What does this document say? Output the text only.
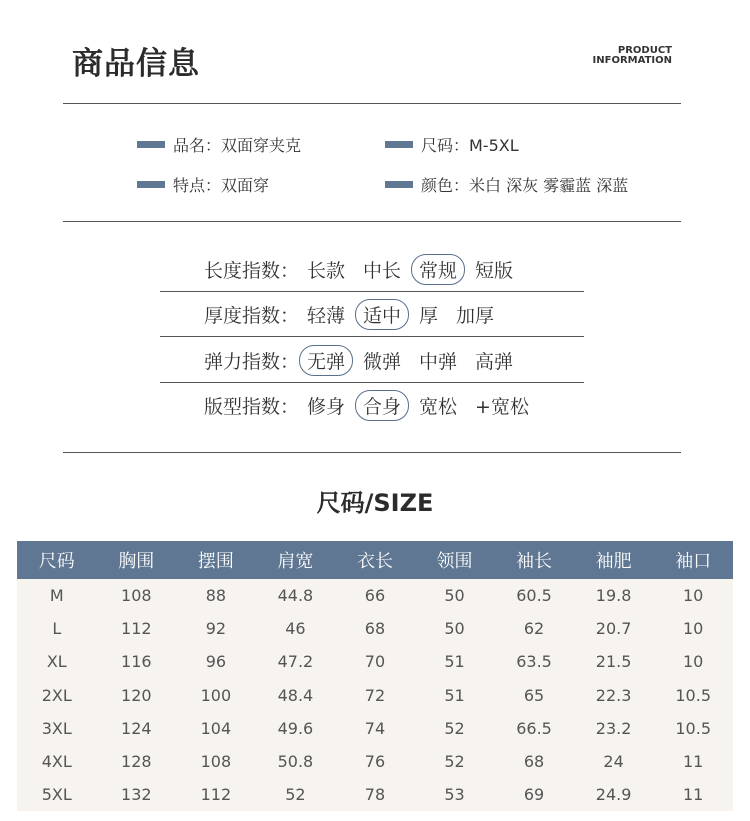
商品信息	PRODUCT
INFORMATION
品名：双面穿夹克	尺码：M-5XL
特点：双面穿	颜色：米白 深灰 雾霾蓝 深蓝
长度指数： 长款 中长 常规 短版
厚度指数： 轻薄 适中 厚 加厚
弹力指数： 无弹 微弹 中弹 高弹
版型指数： 修身 合身 宽松 +宽松
尺码/SIZE
尺码	胸围	摆围	肩宽	衣长	领围	袖长	袖肥	袖口
M	108	88	44.8	66	50	60.5	19.8	10
L	112	92	46	68	50	62	20.7	10
XL	116	96	47.2	70	51	63.5	21.5	10
2XL	120	100	48.4	72	51	65	22.3	10.5
3XL	124	104	49.6	74	52	66.5	23.2	10.5
4XL	128	108	50.8	76	52	68	24	11
5XL	132	112	52	78	53	69	24.9	11
